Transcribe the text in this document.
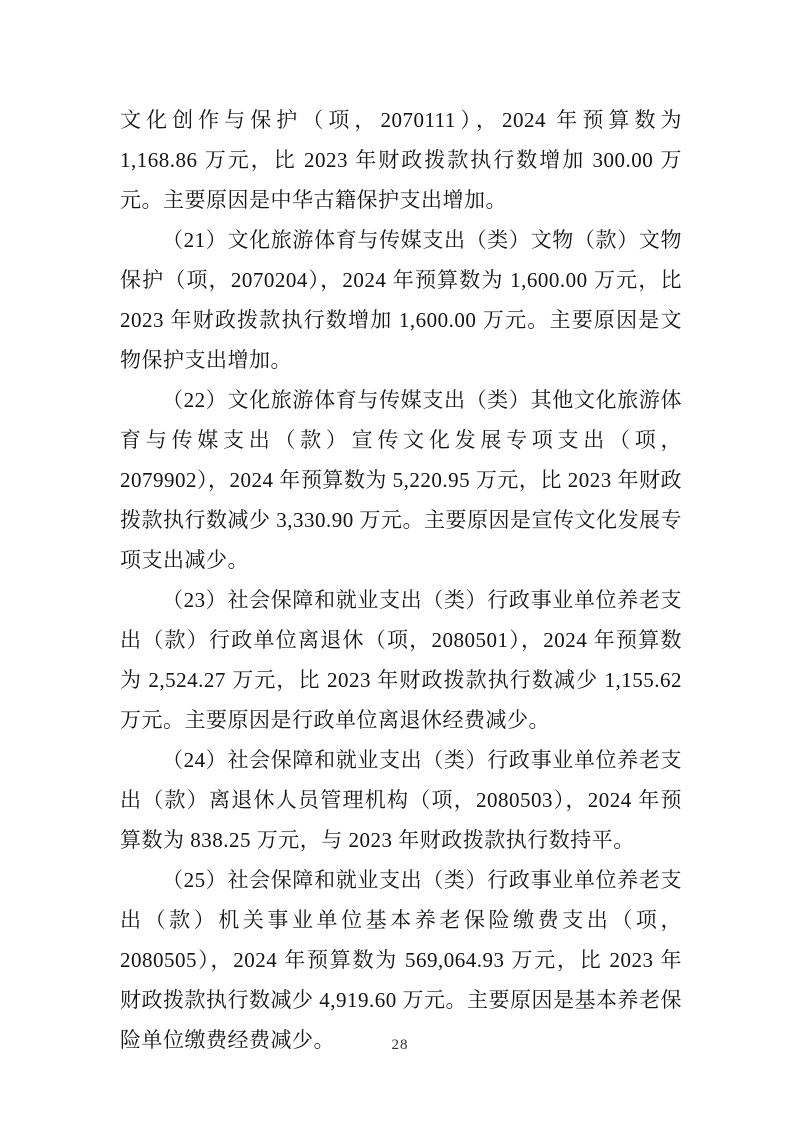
文化创作与保护（项，2070111），2024 年预算数为 1,168.86 万元，比 2023 年财政拨款执行数增加 300.00 万元。主要原因是中华古籍保护支出增加。

（21）文化旅游体育与传媒支出（类）文物（款）文物保护（项，2070204），2024 年预算数为 1,600.00 万元，比 2023 年财政拨款执行数增加 1,600.00 万元。主要原因是文物保护支出增加。

（22）文化旅游体育与传媒支出（类）其他文化旅游体育与传媒支出（款）宣传文化发展专项支出（项，2079902），2024 年预算数为 5,220.95 万元，比 2023 年财政拨款执行数减少 3,330.90 万元。主要原因是宣传文化发展专项支出减少。

（23）社会保障和就业支出（类）行政事业单位养老支出（款）行政单位离退休（项，2080501），2024 年预算数为 2,524.27 万元，比 2023 年财政拨款执行数减少 1,155.62 万元。主要原因是行政单位离退休经费减少。

（24）社会保障和就业支出（类）行政事业单位养老支出（款）离退休人员管理机构（项，2080503），2024 年预算数为 838.25 万元，与 2023 年财政拨款执行数持平。

（25）社会保障和就业支出（类）行政事业单位养老支出（款）机关事业单位基本养老保险缴费支出（项，2080505），2024 年预算数为 569,064.93 万元，比 2023 年财政拨款执行数减少 4,919.60 万元。主要原因是基本养老保险单位缴费经费减少。	28
